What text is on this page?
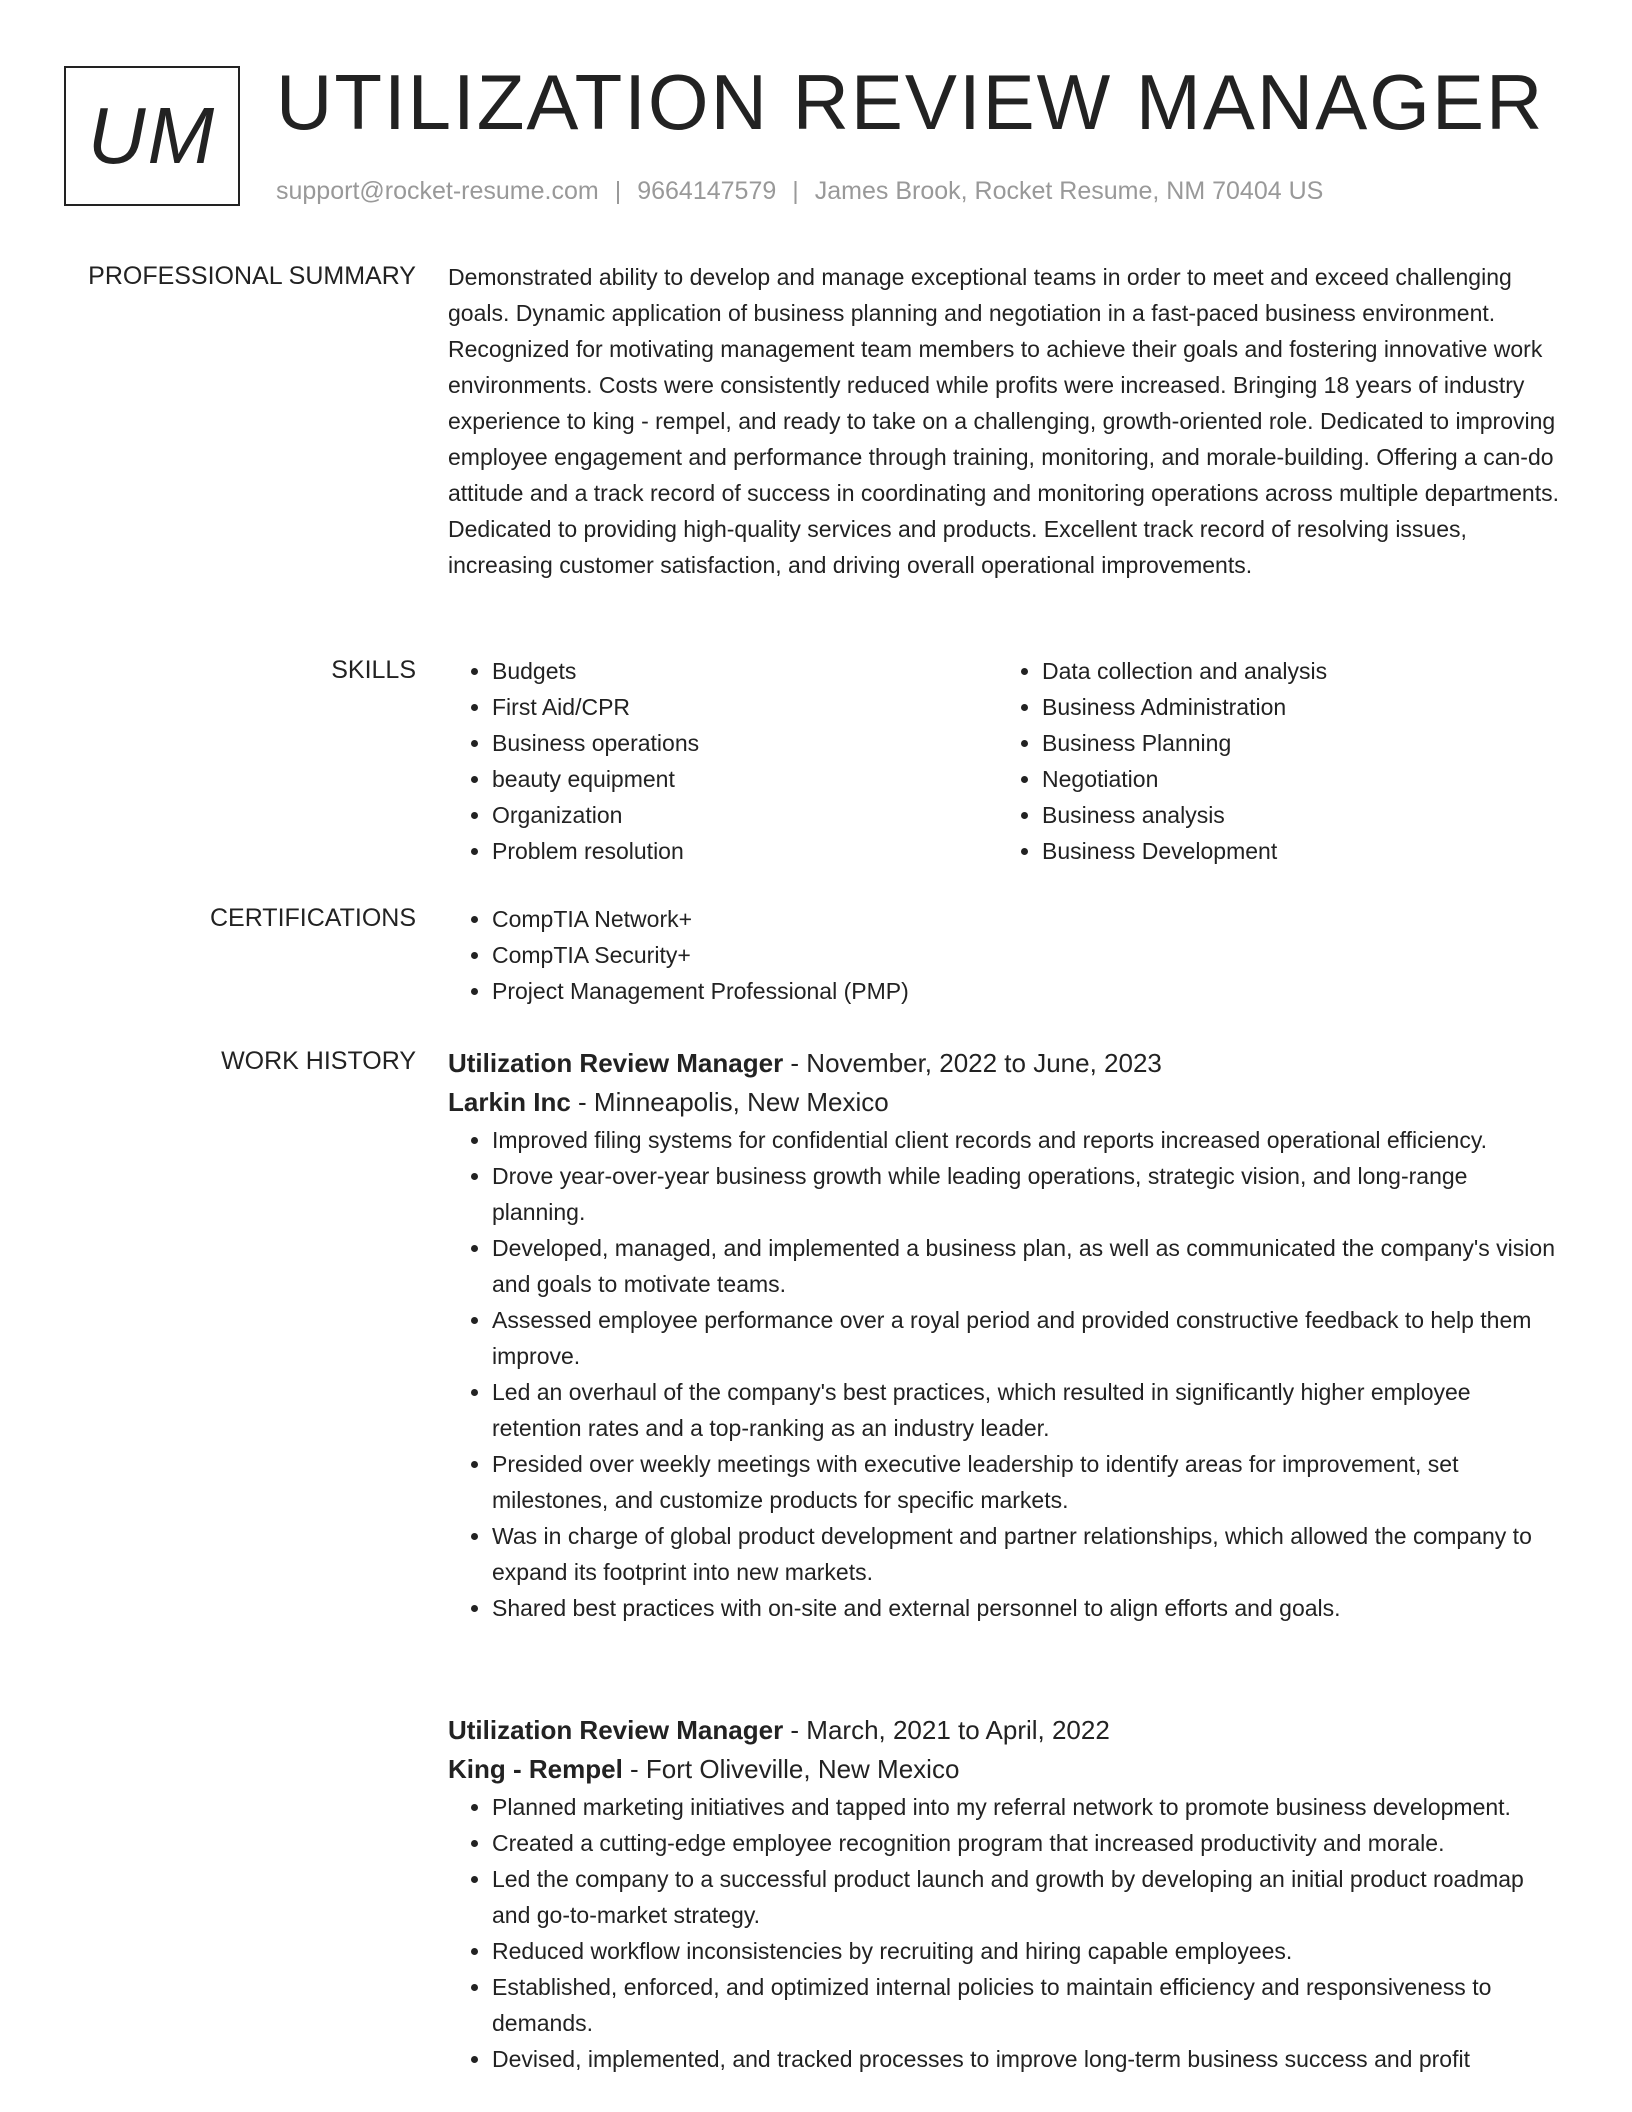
UM UTILIZATION REVIEW MANAGER
support@rocket-resume.com | 9664147579 | James Brook, Rocket Resume, NM 70404 US
PROFESSIONAL SUMMARY Demonstrated ability to develop and manage exceptional teams in order to meet and exceed challenging goals. Dynamic application of business planning and negotiation in a fast-paced business environment. Recognized for motivating management team members to achieve their goals and fostering innovative work environments. Costs were consistently reduced while profits were increased. Bringing 18 years of industry experience to king - rempel, and ready to take on a challenging, growth-oriented role. Dedicated to improving employee engagement and performance through training, monitoring, and morale-building. Offering a can-do attitude and a track record of success in coordinating and monitoring operations across multiple departments. Dedicated to providing high-quality services and products. Excellent track record of resolving issues, increasing customer satisfaction, and driving overall operational improvements.

SKILLS	• Budgets
• First Aid/CPR
• Business operations
• beauty equipment
• Organization
• Problem resolution
• Data collection and analysis
• Business Administration
• Business Planning
• Negotiation
• Business analysis
• Business Development
CERTIFICATIONS	• CompTIA Network+
• CompTIA Security+
• Project Management Professional (PMP)
WORK HISTORY Utilization Review Manager - November, 2022 to June, 2023
Larkin Inc - Minneapolis, New Mexico
• Improved filing systems for confidential client records and reports increased operational efficiency.
• Drove year-over-year business growth while leading operations, strategic vision, and long-range planning.
• Developed, managed, and implemented a business plan, as well as communicated the company's vision and goals to motivate teams.
• Assessed employee performance over a royal period and provided constructive feedback to help them improve.
• Led an overhaul of the company's best practices, which resulted in significantly higher employee retention rates and a top-ranking as an industry leader.
• Presided over weekly meetings with executive leadership to identify areas for improvement, set milestones, and customize products for specific markets.
• Was in charge of global product development and partner relationships, which allowed the company to expand its footprint into new markets.
• Shared best practices with on-site and external personnel to align efforts and goals.
Utilization Review Manager - March, 2021 to April, 2022
King - Rempel - Fort Oliveville, New Mexico
• Planned marketing initiatives and tapped into my referral network to promote business development.
• Created a cutting-edge employee recognition program that increased productivity and morale.
• Led the company to a successful product launch and growth by developing an initial product roadmap and go-to-market strategy.
• Reduced workflow inconsistencies by recruiting and hiring capable employees.
• Established, enforced, and optimized internal policies to maintain efficiency and responsiveness to demands.
• Devised, implemented, and tracked processes to improve long-term business success and profit
